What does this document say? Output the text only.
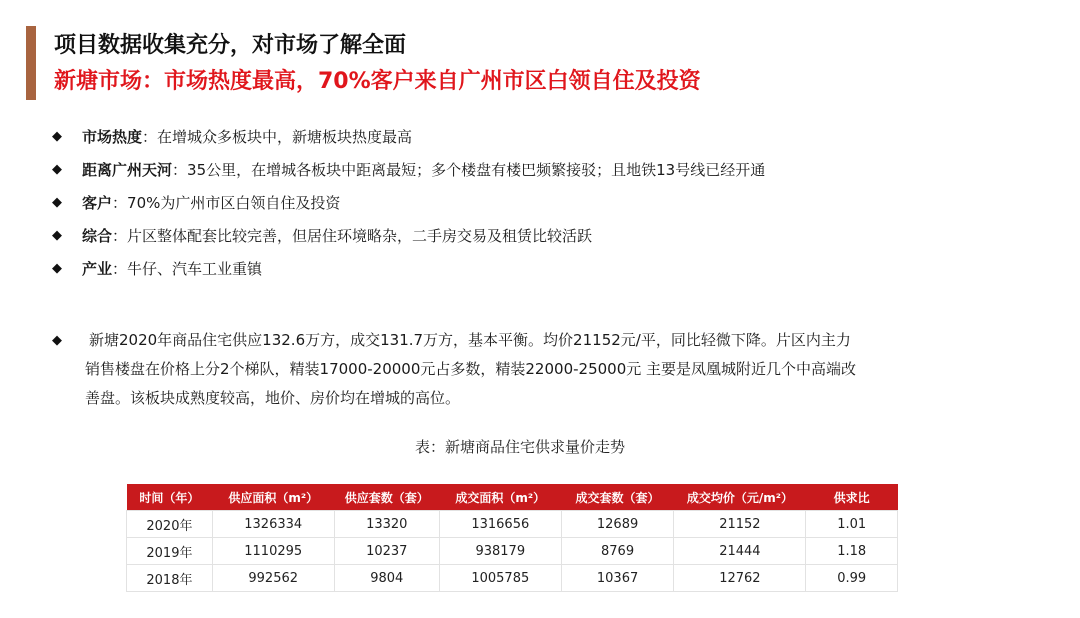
项目数据收集充分，对市场了解全面
新塘市场：市场热度最高，70%客户来自广州市区白领自住及投资
◆ 市场热度：在增城众多板块中，新塘板块热度最高
◆ 距离广州天河：35公里，在增城各板块中距离最短；多个楼盘有楼巴频繁接驳；且地铁13号线已经开通
◆ 客户：70%为广州市区白领自住及投资
◆ 综合：片区整体配套比较完善，但居住环境略杂，二手房交易及租赁比较活跃
◆ 产业：牛仔、汽车工业重镇
◆	新塘2020年商品住宅供应132.6万方，成交131.7万方，基本平衡。均价21152元/平，同比轻微下降。片区内主力
销售楼盘在价格上分2个梯队，精装17000-20000元占多数，精装22000-25000元 主要是凤凰城附近几个中高端改
善盘。该板块成熟度较高，地价、房价均在增城的高位。
表：新塘商品住宅供求量价走势
时间（年）	供应面积（m²）	供应套数（套）	成交面积（m²）	成交套数（套）	成交均价（元/m²）	供求比
2020年	1326334	13320	1316656	12689	21152	1.01
2019年	1110295	10237	938179	8769	21444	1.18
2018年	992562	9804	1005785	10367	12762	0.99
